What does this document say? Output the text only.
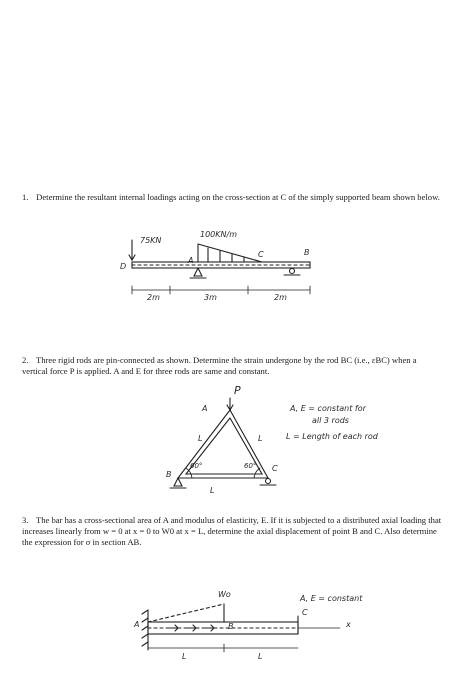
1. Determine the resultant internal loadings acting on the cross-section at C of the simply supported beam shown below.
75KN
100KN/m
A
C	B
D
2m	3m	2m
2. Three rigid rods are pin-connected as shown. Determine the strain undergone by the rod BC (i.e., εBC) when a vertical force P is applied. A and E for three rods are same and constant.
P
A
B
C
L	L
L
60°	60°
A, E = constant for
all 3 rods
L = Length of each rod
3. The bar has a cross-sectional area of A and modulus of elasticity, E. If it is subjected to a distributed axial loading that increases linearly from w = 0 at x = 0 to W0 at x = L, determine the axial displacement of point B and C. Also determine the expression for σ in section AB.
Wo
A	B
C
x
L	L
A, E = constant
